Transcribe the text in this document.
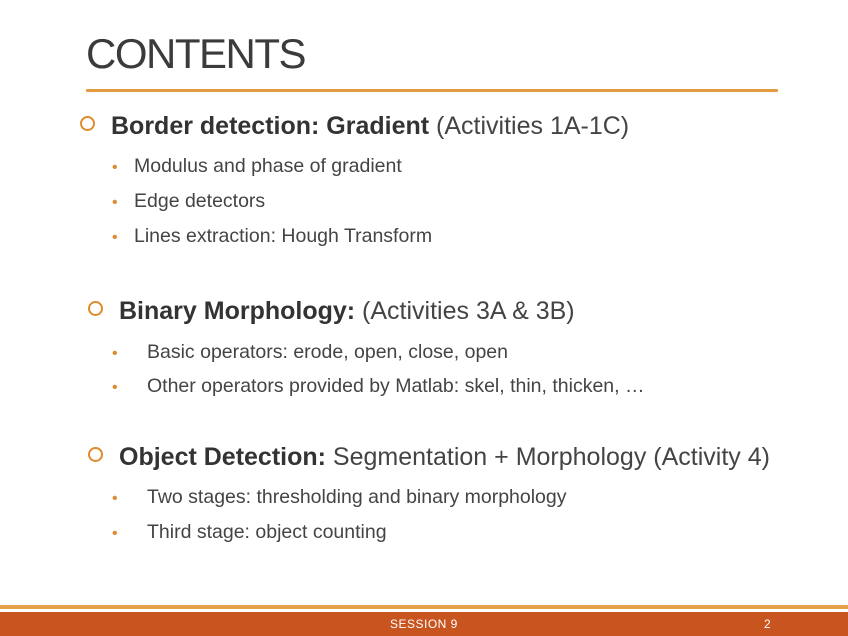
CONTENTS
Border detection: Gradient (Activities 1A-1C)
• Modulus and phase of gradient
• Edge detectors
• Lines extraction: Hough Transform
Binary Morphology: (Activities 3A & 3B)
•	Basic operators: erode, open, close, open
•	Other operators provided by Matlab: skel, thin, thicken, …
Object Detection: Segmentation + Morphology (Activity 4)
•	Two stages: thresholding and binary morphology
•	Third stage: object counting
SESSION 9	2
